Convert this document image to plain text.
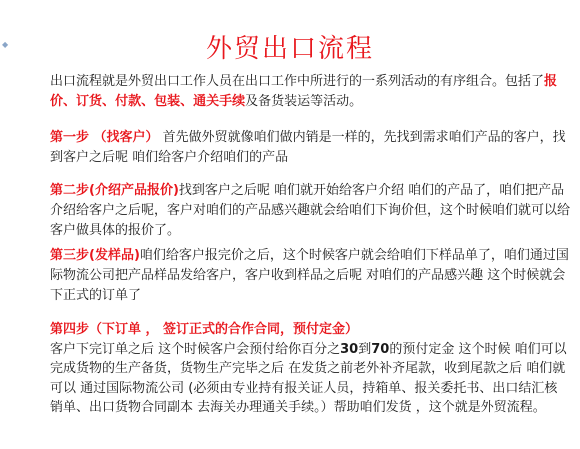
◆	外贸出口流程
出口流程就是外贸出口工作人员在出口工作中所进行的一系列活动的有序组合。包括了报价、订货、付款、包装、通关手续及备货装运等活动。
第一步 （找客户） 首先做外贸就像咱们做内销是一样的，先找到需求咱们产品的客户，找到客户之后呢 咱们给客户介绍咱们的产品
第二步(介绍产品报价)找到客户之后呢 咱们就开始给客户介绍 咱们的产品了，咱们把产品介绍给客户之后呢，客户对咱们的产品感兴趣就会给咱们下询价但，这个时候咱们就可以给客户做具体的报价了。
第三步(发样品)咱们给客户报完价之后，这个时候客户就会给咱们下样品单了，咱们通过国际物流公司把产品样品发给客户，客户收到样品之后呢 对咱们的产品感兴趣 这个时候就会下正式的订单了
第四步（下订单 ， 签订正式的合作合同，预付定金）
客户下完订单之后 这个时候客户会预付给你百分之30到70的预付定金 这个时候 咱们可以完成货物的生产备货，货物生产完毕之后 在发货之前老外补齐尾款，收到尾款之后 咱们就可以 通过国际物流公司 (必须由专业持有报关证人员，持箱单、报关委托书、出口结汇核销单、出口货物合同副本 去海关办理通关手续。）帮助咱们发货 ，这个就是外贸流程。
